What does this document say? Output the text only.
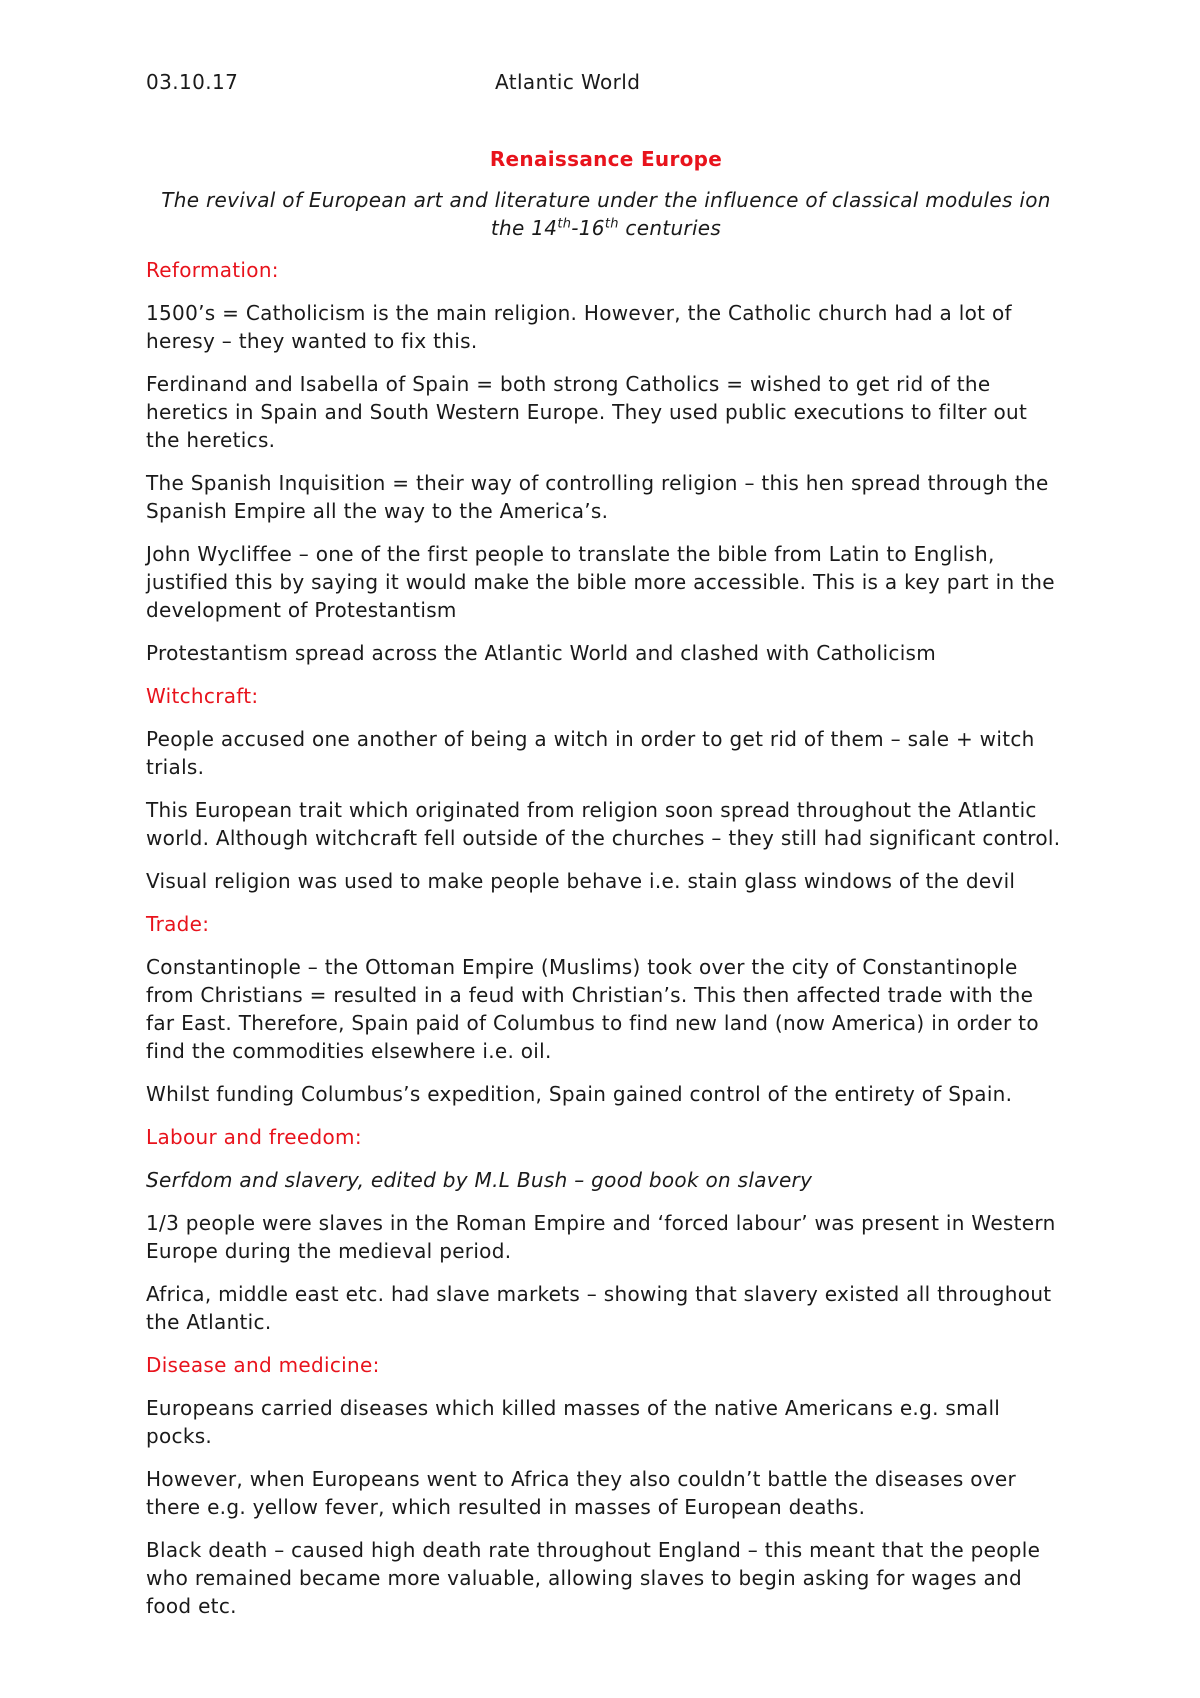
03.10.17	Atlantic World
Renaissance Europe
The revival of European art and literature under the influence of classical modules ion the 14th-16th centuries
Reformation:

1500’s = Catholicism is the main religion. However, the Catholic church had a lot of heresy – they wanted to fix this.

Ferdinand and Isabella of Spain = both strong Catholics = wished to get rid of the heretics in Spain and South Western Europe. They used public executions to filter out the heretics.

The Spanish Inquisition = their way of controlling religion – this hen spread through the Spanish Empire all the way to the America’s.

John Wycliffee – one of the first people to translate the bible from Latin to English, justified this by saying it would make the bible more accessible. This is a key part in the development of Protestantism

Protestantism spread across the Atlantic World and clashed with Catholicism

Witchcraft:

People accused one another of being a witch in order to get rid of them – sale + witch trials.

This European trait which originated from religion soon spread throughout the Atlantic world. Although witchcraft fell outside of the churches – they still had significant control.

Visual religion was used to make people behave i.e. stain glass windows of the devil

Trade:

Constantinople – the Ottoman Empire (Muslims) took over the city of Constantinople from Christians = resulted in a feud with Christian’s. This then affected trade with the far East. Therefore, Spain paid of Columbus to find new land (now America) in order to find the commodities elsewhere i.e. oil.

Whilst funding Columbus’s expedition, Spain gained control of the entirety of Spain.

Labour and freedom:

Serfdom and slavery, edited by M.L Bush – good book on slavery

1/3 people were slaves in the Roman Empire and ‘forced labour’ was present in Western Europe during the medieval period.

Africa, middle east etc. had slave markets – showing that slavery existed all throughout the Atlantic.

Disease and medicine:

Europeans carried diseases which killed masses of the native Americans e.g. small pocks.

However, when Europeans went to Africa they also couldn’t battle the diseases over there e.g. yellow fever, which resulted in masses of European deaths.

Black death – caused high death rate throughout England – this meant that the people who remained became more valuable, allowing slaves to begin asking for wages and food etc.
